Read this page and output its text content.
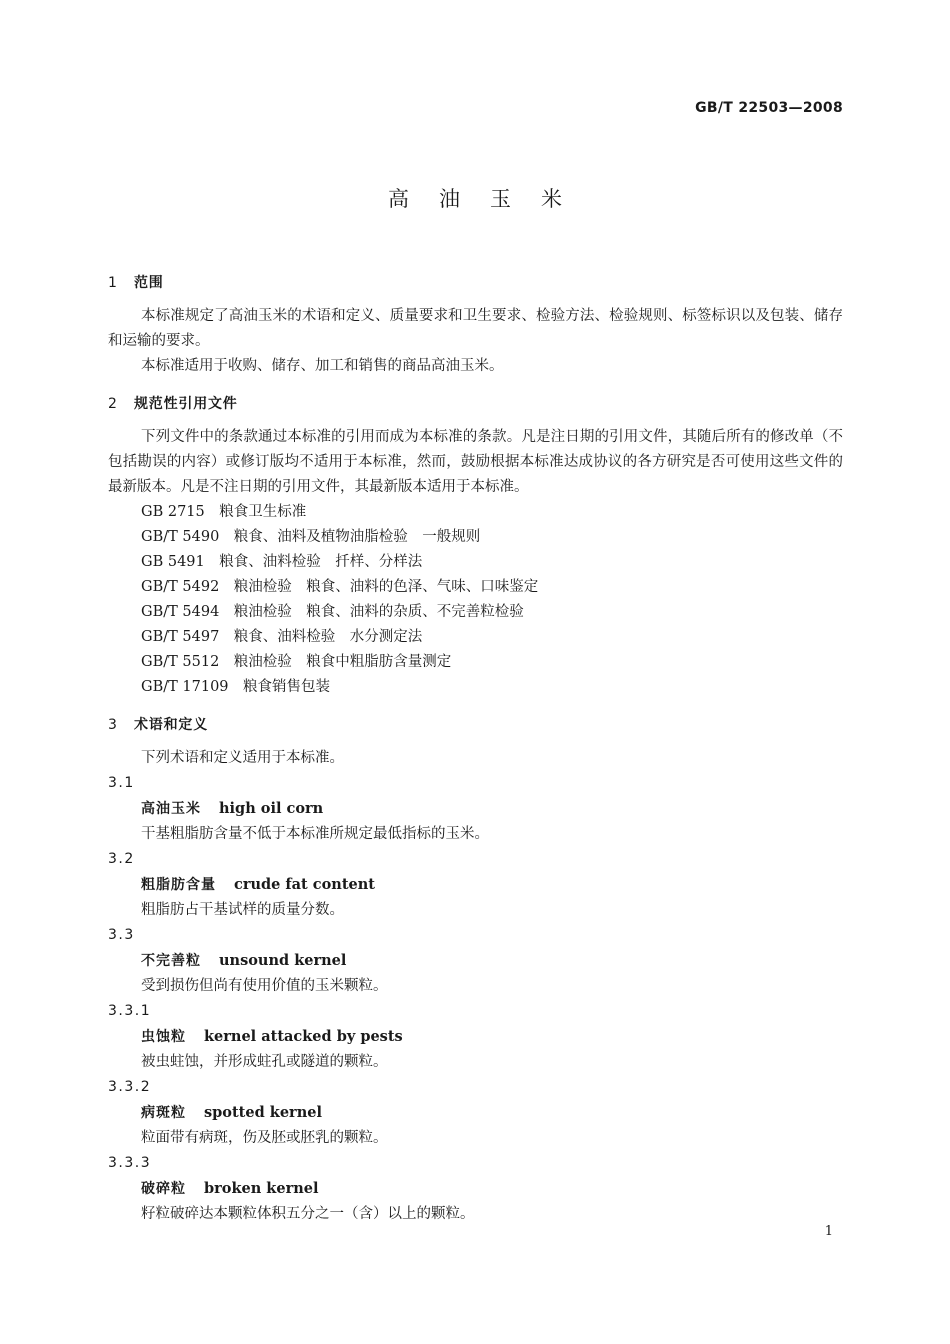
GB/T 22503—2008
高油玉米
1 范围
本标准规定了高油玉米的术语和定义、质量要求和卫生要求、检验方法、检验规则、标签标识以及包装、储存和运输的要求。
本标准适用于收购、储存、加工和销售的商品高油玉米。
2 规范性引用文件
下列文件中的条款通过本标准的引用而成为本标准的条款。凡是注日期的引用文件，其随后所有的修改单（不包括勘误的内容）或修订版均不适用于本标准，然而，鼓励根据本标准达成协议的各方研究是否可使用这些文件的最新版本。凡是不注日期的引用文件，其最新版本适用于本标准。
GB 2715　粮食卫生标准
GB/T 5490　粮食、油料及植物油脂检验　一般规则
GB 5491　粮食、油料检验　扦样、分样法
GB/T 5492　粮油检验　粮食、油料的色泽、气味、口味鉴定
GB/T 5494　粮油检验　粮食、油料的杂质、不完善粒检验
GB/T 5497　粮食、油料检验　水分测定法
GB/T 5512　粮油检验　粮食中粗脂肪含量测定
GB/T 17109　粮食销售包装
3 术语和定义
下列术语和定义适用于本标准。
3.1
高油玉米 high oil corn
干基粗脂肪含量不低于本标准所规定最低指标的玉米。
3.2
粗脂肪含量 crude fat content
粗脂肪占干基试样的质量分数。
3.3
不完善粒 unsound kernel
受到损伤但尚有使用价值的玉米颗粒。
3.3.1
虫蚀粒 kernel attacked by pests
被虫蛀蚀，并形成蛀孔或隧道的颗粒。
3.3.2
病斑粒 spotted kernel
粒面带有病斑，伤及胚或胚乳的颗粒。
3.3.3
破碎粒 broken kernel
籽粒破碎达本颗粒体积五分之一（含）以上的颗粒。
1
